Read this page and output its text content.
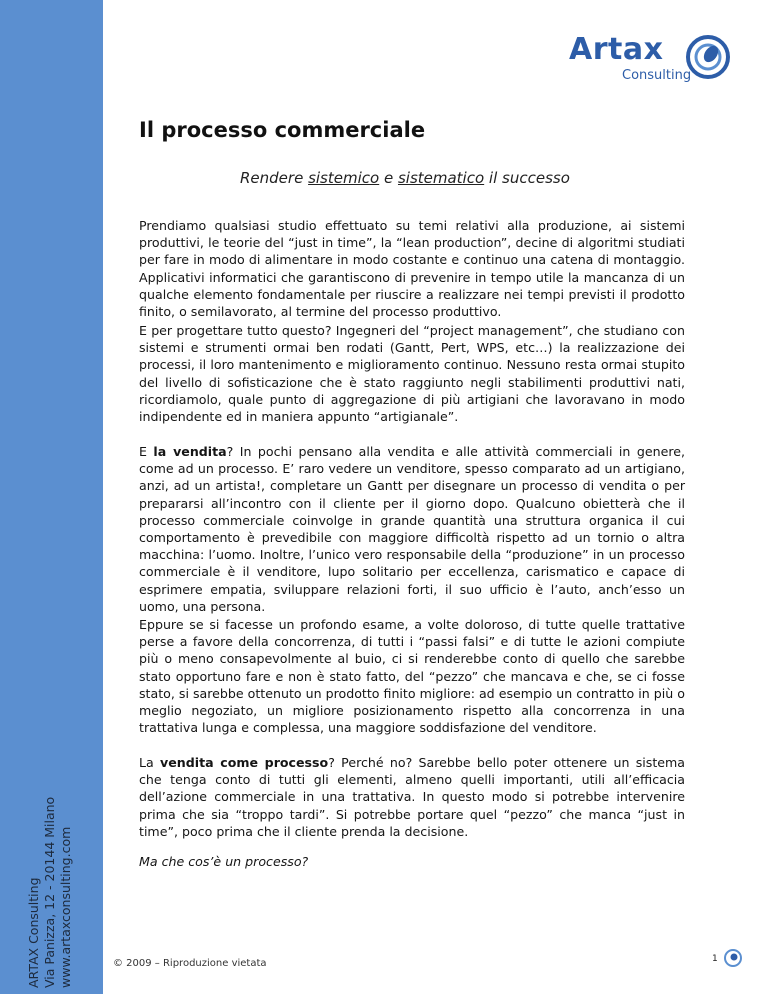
ARTAX Consulting Via Panizza, 12 - 20144 Milano www.artaxconsulting.com
Artax
Consulting
Il processo commerciale
Rendere sistemico e sistematico il successo

Prendiamo qualsiasi studio effettuato su temi relativi alla produzione, ai sistemi produttivi, le teorie del “just in time”, la “lean production”, decine di algoritmi studiati per fare in modo di alimentare in modo costante e continuo una catena di montaggio. Applicativi informatici che garantiscono di prevenire in tempo utile la mancanza di un qualche elemento fondamentale per riuscire a realizzare nei tempi previsti il prodotto finito, o semilavorato, al termine del processo produttivo.

E per progettare tutto questo? Ingegneri del “project management”, che studiano con sistemi e strumenti ormai ben rodati (Gantt, Pert, WPS, etc…) la realizzazione dei processi, il loro mantenimento e miglioramento continuo. Nessuno resta ormai stupito del livello di sofisticazione che è stato raggiunto negli stabilimenti produttivi nati, ricordiamolo, quale punto di aggregazione di più artigiani che lavoravano in modo indipendente ed in maniera appunto “artigianale”.

E la vendita? In pochi pensano alla vendita e alle attività commerciali in genere, come ad un processo. E’ raro vedere un venditore, spesso comparato ad un artigiano, anzi, ad un artista!, completare un Gantt per disegnare un processo di vendita o per prepararsi all’incontro con il cliente per il giorno dopo. Qualcuno obietterà che il processo commerciale coinvolge in grande quantità una struttura organica il cui comportamento è prevedibile con maggiore difficoltà rispetto ad un tornio o altra macchina: l’uomo. Inoltre, l’unico vero responsabile della “produzione” in un processo commerciale è il venditore, lupo solitario per eccellenza, carismatico e capace di esprimere empatia, sviluppare relazioni forti, il suo ufficio è l’auto, anch’esso un uomo, una persona.

Eppure se si facesse un profondo esame, a volte doloroso, di tutte quelle trattative perse a favore della concorrenza, di tutti i “passi falsi” e di tutte le azioni compiute più o meno consapevolmente al buio, ci si renderebbe conto di quello che sarebbe stato opportuno fare e non è stato fatto, del “pezzo” che mancava e che, se ci fosse stato, si sarebbe ottenuto un prodotto finito migliore: ad esempio un contratto in più o meglio negoziato, un migliore posizionamento rispetto alla concorrenza in una trattativa lunga e complessa, una maggiore soddisfazione del venditore.

La vendita come processo? Perché no? Sarebbe bello poter ottenere un sistema che tenga conto di tutti gli elementi, almeno quelli importanti, utili all’efficacia dell’azione commerciale in una trattativa. In questo modo si potrebbe intervenire prima che sia “troppo tardi”. Si potrebbe portare quel “pezzo” che manca “just in time”, poco prima che il cliente prenda la decisione.

Ma che cos’è un processo?

© 2009 – Riproduzione vietata	1
